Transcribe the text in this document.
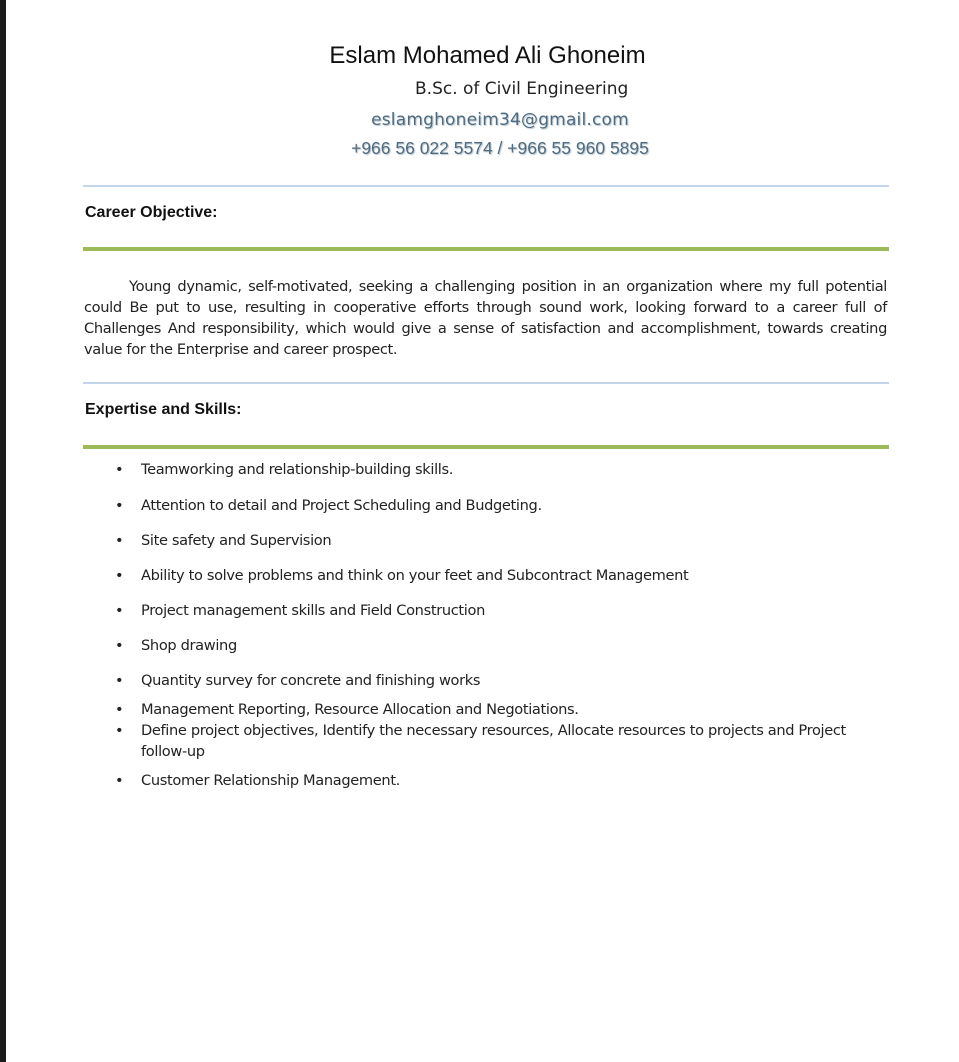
Eslam Mohamed Ali Ghoneim
B.Sc. of Civil Engineering
eslamghoneim34@gmail.com
+966 56 022 5574 / +966 55 960 5895
Career Objective:
Young dynamic, self-motivated, seeking a challenging position in an organization where my full potential could Be put to use, resulting in cooperative efforts through sound work, looking forward to a career full of Challenges And responsibility, which would give a sense of satisfaction and accomplishment, towards creating value for the Enterprise and career prospect.
Expertise and Skills:
• Teamworking and relationship-building skills.
• Attention to detail and Project Scheduling and Budgeting.
• Site safety and Supervision
• Ability to solve problems and think on your feet and Subcontract Management
• Project management skills and Field Construction
• Shop drawing
• Quantity survey for concrete and finishing works
• Management Reporting, Resource Allocation and Negotiations.
• Define project objectives, Identify the necessary resources, Allocate resources to projects and Project follow-up
• Customer Relationship Management.
